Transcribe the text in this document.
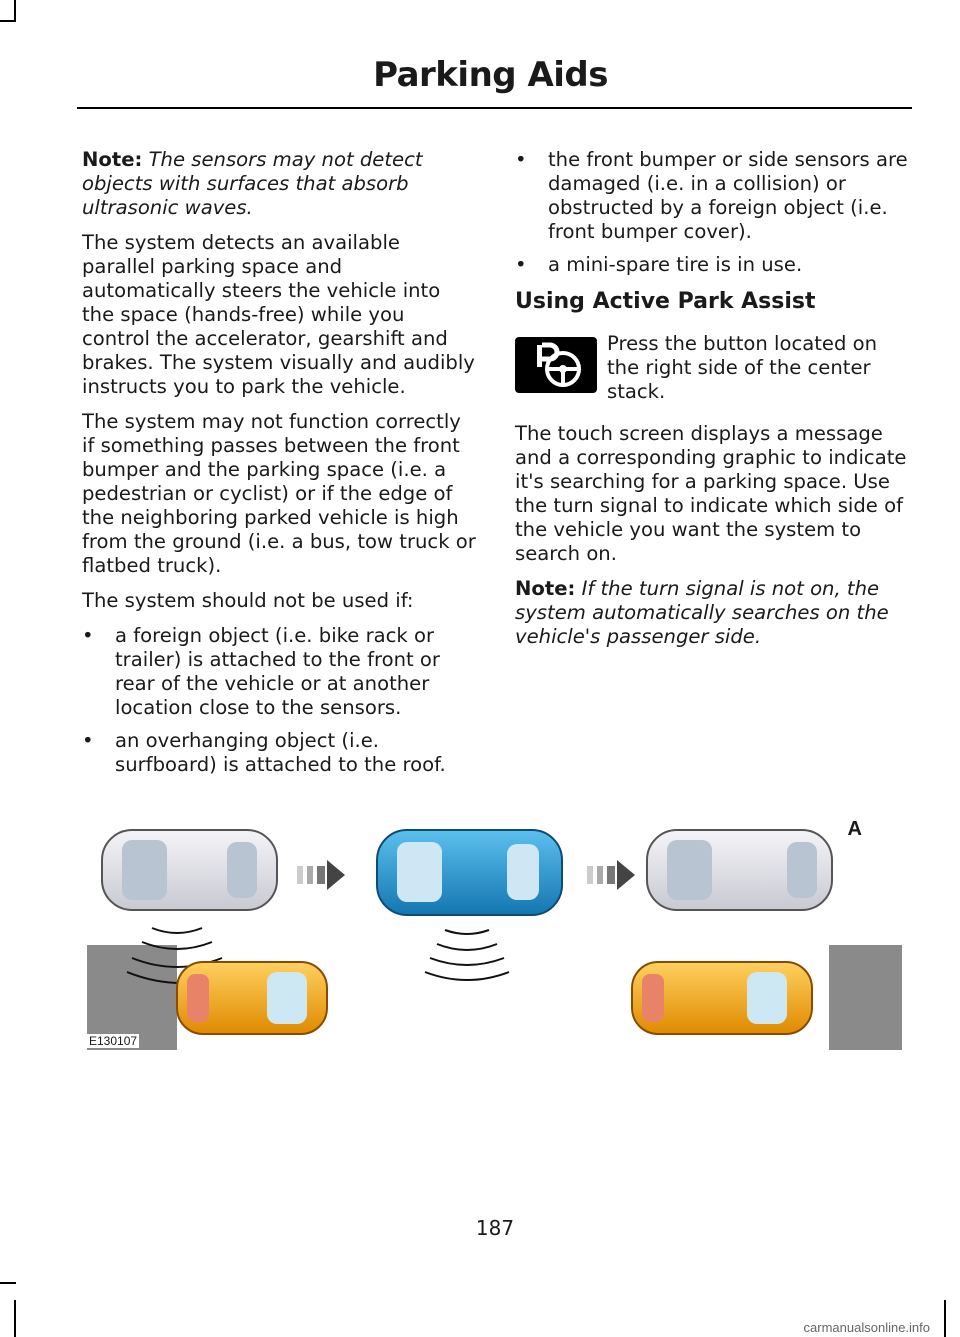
Parking Aids

Note: The sensors may not detect objects with surfaces that absorb ultrasonic waves.

The system detects an available parallel parking space and automatically steers the vehicle into the space (hands-free) while you control the accelerator, gearshift and brakes. The system visually and audibly instructs you to park the vehicle.

The system may not function correctly if something passes between the front bumper and the parking space (i.e. a pedestrian or cyclist) or if the edge of the neighboring parked vehicle is high from the ground (i.e. a bus, tow truck or flatbed truck).

The system should not be used if:

• a foreign object (i.e. bike rack or trailer) is attached to the front or rear of the vehicle or at another location close to the sensors.
• an overhanging object (i.e. surfboard) is attached to the roof.
• the front bumper or side sensors are damaged (i.e. in a collision) or obstructed by a foreign object (i.e. front bumper cover).
• a mini-spare tire is in use.
Using Active Park Assist

Press the button located on the right side of the center stack.

The touch screen displays a message and a corresponding graphic to indicate it's searching for a parking space. Use the turn signal to indicate which side of the vehicle you want the system to search on.

Note: If the turn signal is not on, the system automatically searches on the vehicle's passenger side.

A
E130107
187
carmanualsonline.info
